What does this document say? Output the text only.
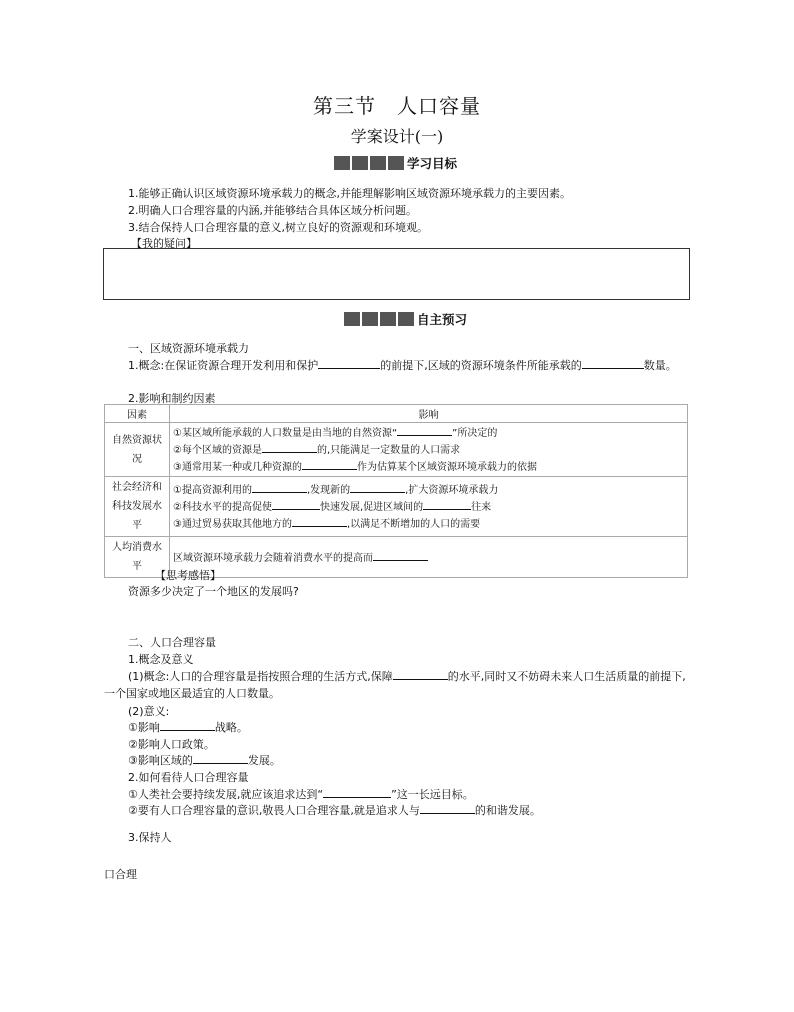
第三节　人口容量
学案设计(一)
学习目标
1.能够正确认识区域资源环境承载力的概念,并能理解影响区域资源环境承载力的主要因素。
2.明确人口合理容量的内涵,并能够结合具体区域分析问题。
3.结合保持人口合理容量的意义,树立良好的资源观和环境观。
【我的疑问】
自主预习
一、区域资源环境承载力
1.概念:在保证资源合理开发利用和保护	的前提下,区域的资源环境条件所能承载的	数量。
2.影响和制约因素
因素	影响
自然资源状况	①某区域所能承载的人口数量是由当地的自然资源“ ”所决定的
②每个区域的资源是 的,只能满足一定数量的人口需求
③通常用某一种或几种资源的 作为估算某个区域资源环境承载力的依据

社会经济和科技发展水平	①提高资源利用的 ,发现新的 ,扩大资源环境承载力
②科技水平的提高促使 快速发展,促进区域间的 往来
③通过贸易获取其他地方的 ,以满足不断增加的人口的需要

人均消费水平	区域资源环境承载力会随着消费水平的提高而
【思考感悟】
资源多少决定了一个地区的发展吗?
二、人口合理容量
1.概念及意义
(1)概念:人口的合理容量是指按照合理的生活方式,保障	的水平,同时又不妨碍未来人口生活质量的前提下,
一个国家或地区最适宜的人口数量。
(2)意义:
①影响	战略。
②影响人口政策。
③影响区域的	发展。
2.如何看待人口合理容量
①人类社会要持续发展,就应该追求达到“	”这一长远目标。
②要有人口合理容量的意识,敬畏人口合理容量,就是追求人与	的和谐发展。
3.保持人
口合理
